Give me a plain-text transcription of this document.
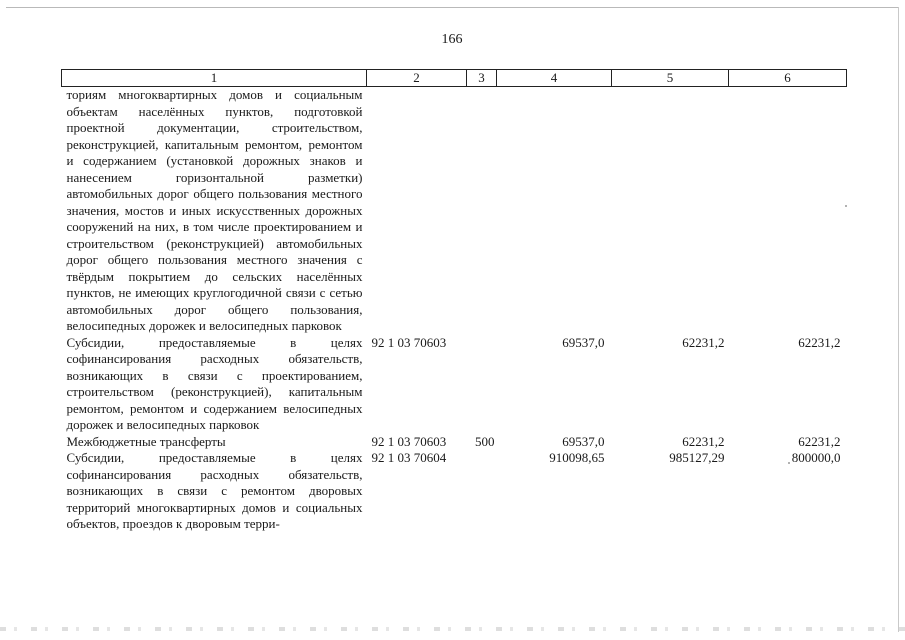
166
1	2	3	4	5	6
ториям многоквартирных домов и социальным объектам населённых пунктов, подготовкой проектной документации, строительством, реконструкцией, капитальным ремонтом, ремонтом и содержанием (установкой дорожных знаков и нанесением горизонтальной разметки) автомобильных дорог общего пользования местного значения, мостов и иных искусственных дорожных сооружений на них, в том числе проектированием и строительством (реконструкцией) автомобильных дорог общего пользования местного значения с твёрдым покрытием до сельских населённых пунктов, не имеющих круглогодичной связи с сетью автомобильных дорог общего пользования, велосипедных дорожек и велосипедных парковок					
Субсидии, предоставляемые в целях софинансирования расходных обязательств, возникающих в связи с проектированием, строительством (реконструкцией), капитальным ремонтом, ремонтом и содержанием велосипедных дорожек и велосипедных парковок	92 1 03 70603		69537,0	62231,2	62231,2
Межбюджетные трансферты	92 1 03 70603	500	69537,0	62231,2	62231,2
Субсидии, предоставляемые в целях софинансирования расходных обязательств, возникающих в связи с ремонтом дворовых территорий многоквартирных домов и социальных объектов, проездов к дворовым терри-	92 1 03 70604		910098,65	985127,29	800000,0
